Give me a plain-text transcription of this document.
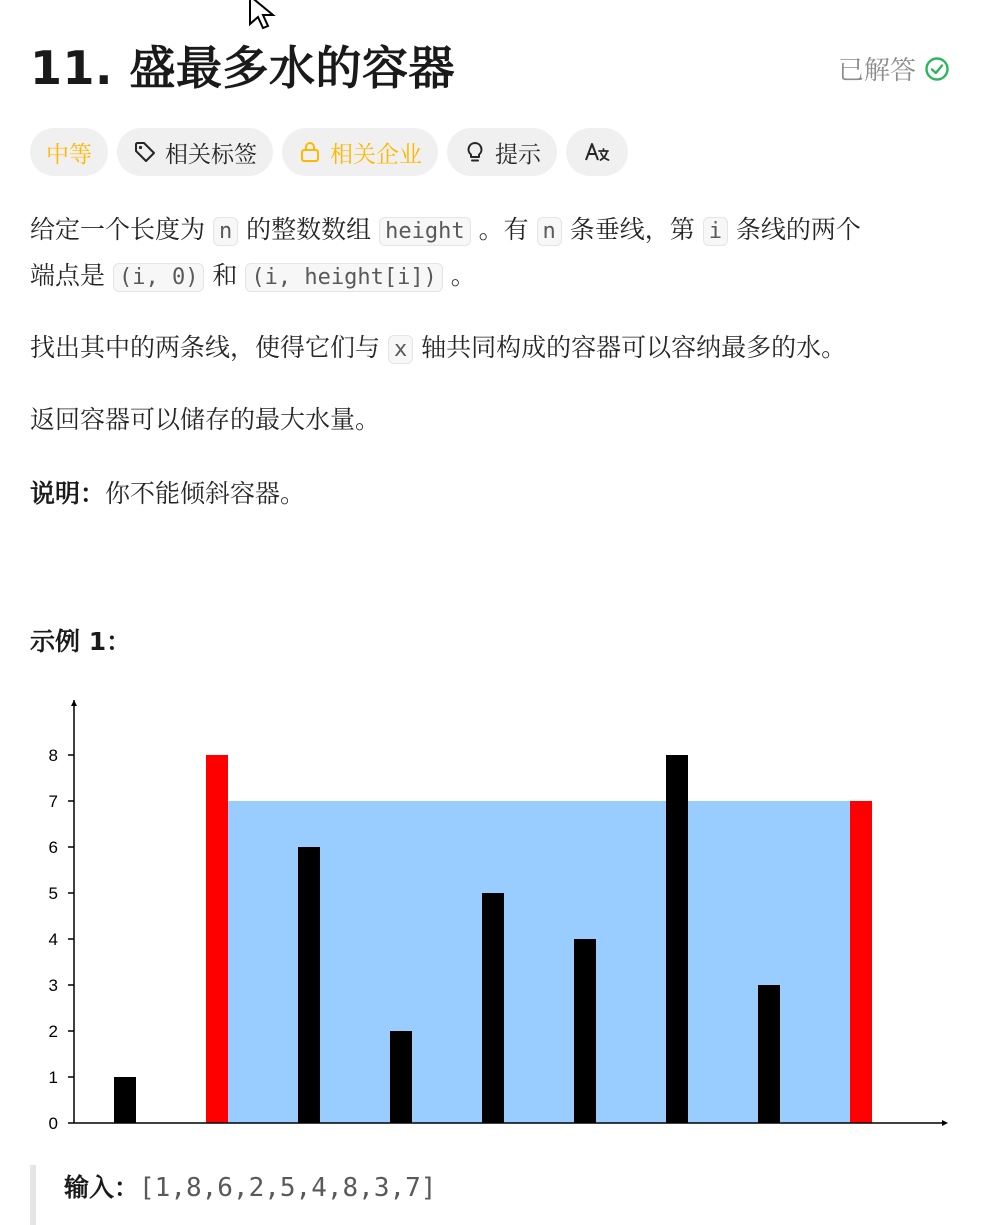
11. 盛最多水的容器	已解答
中等	相关标签	相关企业	提示
给定一个长度为 n 的整数数组 height 。有 n 条垂线，第 i 条线的两个
端点是 (i, 0) 和 (i, height[i]) 。
找出其中的两条线，使得它们与 x 轴共同构成的容器可以容纳最多的水。
返回容器可以储存的最大水量。
说明：你不能倾斜容器。
示例 1：
0
1
2
3
4
5
6
7
8
输入：[1,8,6,2,5,4,8,3,7]
